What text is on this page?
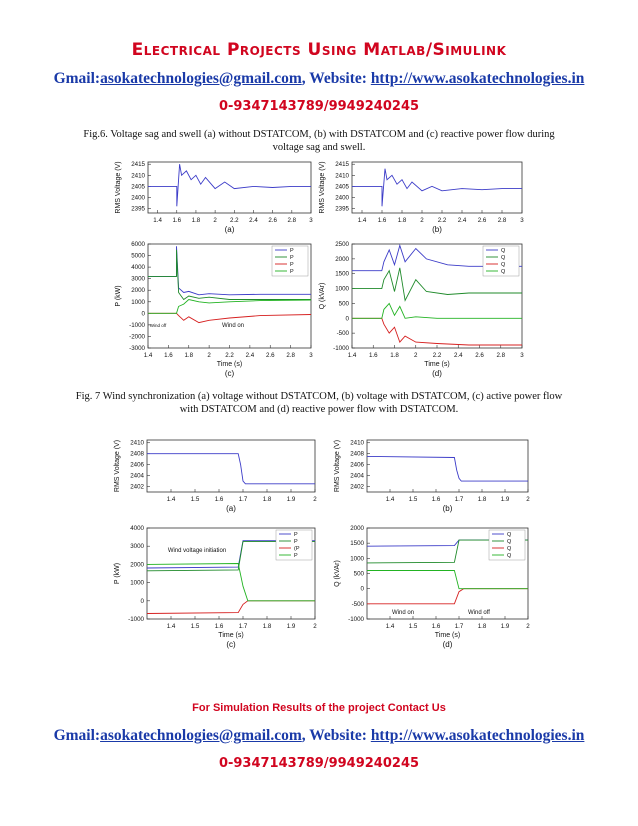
Electrical Projects Using Matlab/Simulink
Gmail:asokatechnologies@gmail.com, Website: http://www.asokatechnologies.in
0-9347143789/9949240245
Fig.6. Voltage sag and swell (a) without DSTATCOM, (b) with DSTATCOM and (c) reactive power flow during voltage sag and swell.
1.4 1.6 1.8 2 2.2 2.4 2.6 2.8 3
2415
2410
2405
2400
2395
RMS Voltage (V)
(a)
1.4 1.6 1.8 2 2.2 2.4 2.6 2.8 3
2415
2410
2405
2400
2395
RMS Voltage (V)
(b)
1.4 1.6 1.8 2 2.2 2.4 2.6 2.8 3
6000
5000
4000
3000
2000
1000
0
-1000
-2000
-3000
P (kW)
Time (s)
(c)
P
P
P
P
Wind off	Wind on
1.4 1.6 1.8 2 2.2 2.4 2.6 2.8 3
2500
2000
1500
1000
500
0
-500
-1000
Q (kVAr)
Time (s)
(d)
Q
Q
Q
Q
1.4 1.5 1.6 1.7 1.8 1.9	2
2410
2408
2406
2404
2402
RMS Voltage (V)
(a)
1.4 1.5 1.6 1.7 1.8 1.9	2
2410
2408
2406
2404
2402
RMS Voltage (V)
(b)
1.4 1.5 1.6 1.7 1.8 1.9	2
4000
3000
2000
1000
0
-1000
P (kW)
Time (s)
(c)
P
P
(P
P
Wind voltage initiation
1.4 1.5 1.6 1.7 1.8 1.9	2
2000
1500
1000
500
0
-500
-1000
Q (kVAr)
Time (s)
(d)
Q
Q
Q
Q
Wind on	Wind off
Fig. 7 Wind synchronization (a) voltage without DSTATCOM, (b) voltage with DSTATCOM, (c) active power flow with DSTATCOM and (d) reactive power flow with DSTATCOM.
For Simulation Results of the project Contact Us
Gmail:asokatechnologies@gmail.com, Website: http://www.asokatechnologies.in
0-9347143789/9949240245
